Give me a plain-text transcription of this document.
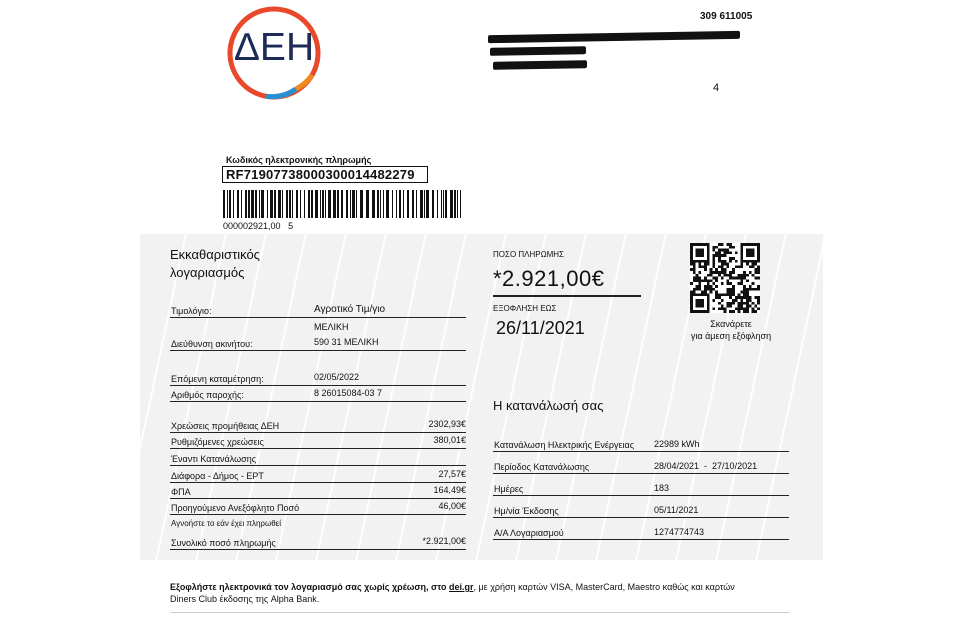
ΔΕΗ
309 611005
4
Κωδικός ηλεκτρονικής πληρωμής
RF7190773800030001448227​9
000002921,00 5
Εκκαθαριστικός
λογαριασμός
Τιμολόγιο:	Αγροτικό Τιμ/γιο
ΜΕΛΙΚΗ
Διεύθυνση ακινήτου:	590 31 ΜΕΛΙΚΗ
Επόμενη καταμέτρηση:	02/05/2022
Αριθμός παροχής:	8 26015084-03 7
Χρεώσεις προμήθειας ΔΕΗ	2302,93€
Ρυθμιζόμενες χρεώσεις	380,01€
Έναντι Κατανάλωσης
Διάφορα - Δήμος - ΕΡΤ	27,57€
ΦΠΑ	164,49€
Προηγούμενο Ανεξόφλητο Ποσό	46,00€
Αγνοήστε το εάν έχει πληρωθεί
Συνολικό ποσό πληρωμής	*2.921,00€
ΠΟΣΟ ΠΛΗΡΩΜΗΣ
*2.921,00€
ΕΞΟΦΛΗΣΗ ΕΩΣ
26/11/2021	Σκανάρετε
για άμεση εξόφληση
Η κατανάλωσή σας
Κατανάλωση Ηλεκτρικής Ενέργειας 22989 kWh
Περίοδος Κατανάλωσης	28/04/2021  -  27/10/2021
Ημέρες	183
Ημ/νία Έκδοσης	05/11/2021
Α/Α Λογαριασμού	1274774743
Εξοφλήστε ηλεκτρονικά τον λογαριασμό σας χωρίς χρέωση, στο dei.gr, με χρήση καρτών VISA, MasterCard, Maestro καθώς και καρτών
Diners Club έκδοσης της Alpha Bank.
